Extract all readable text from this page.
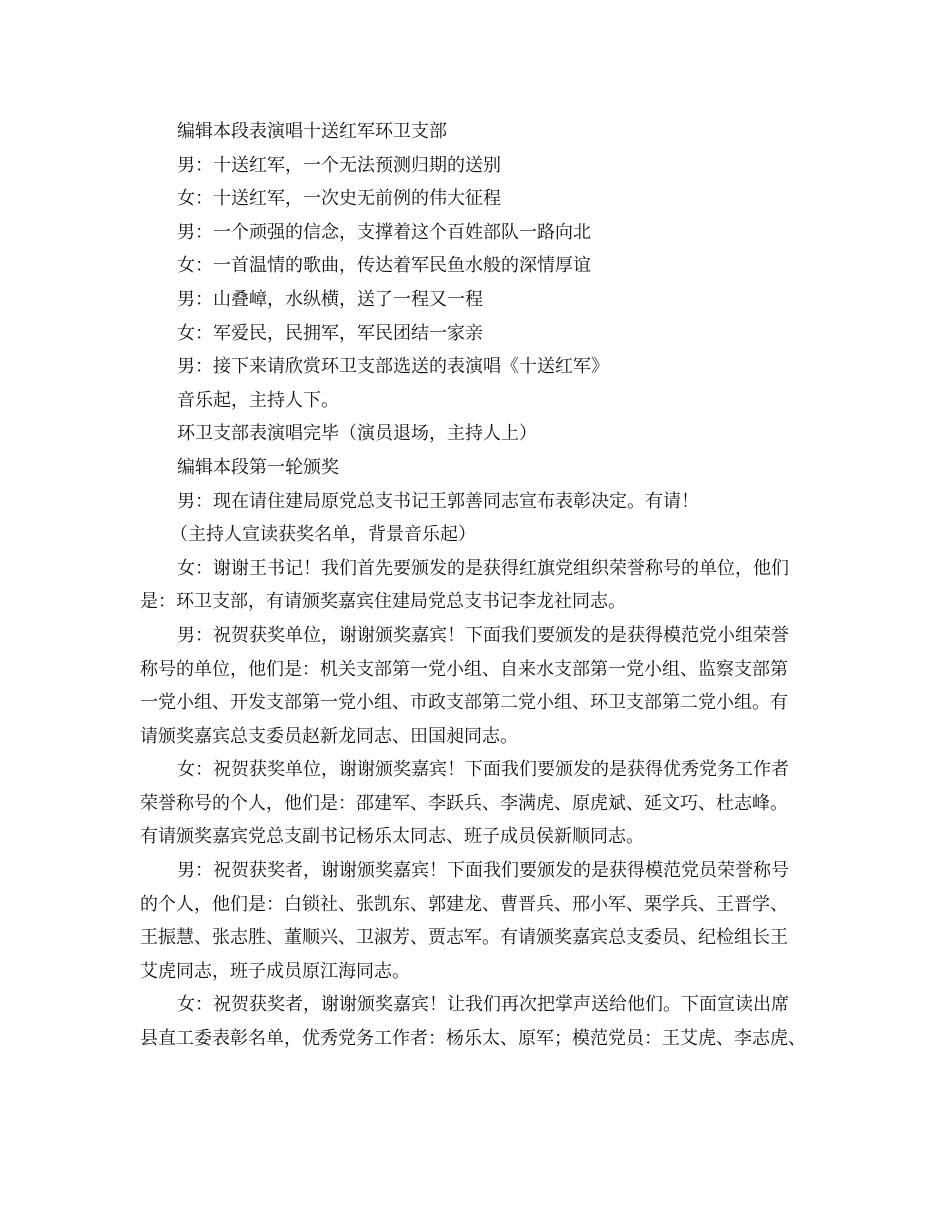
编辑本段表演唱十送红军环卫支部

男：十送红军，一个无法预测归期的送别

女：十送红军，一次史无前例的伟大征程

男：一个顽强的信念，支撑着这个百姓部队一路向北

女：一首温情的歌曲，传达着军民鱼水般的深情厚谊

男：山叠嶂，水纵横，送了一程又一程

女：军爱民，民拥军，军民团结一家亲

男：接下来请欣赏环卫支部选送的表演唱《十送红军》

音乐起，主持人下。

环卫支部表演唱完毕（演员退场，主持人上）

编辑本段第一轮颁奖

男：现在请住建局原党总支书记王郭善同志宣布表彰决定。有请！

（主持人宣读获奖名单，背景音乐起）

女：谢谢王书记！我们首先要颁发的是获得红旗党组织荣誉称号的单位，他们

是：环卫支部，有请颁奖嘉宾住建局党总支书记李龙社同志。

男：祝贺获奖单位，谢谢颁奖嘉宾！下面我们要颁发的是获得模范党小组荣誉

称号的单位，他们是：机关支部第一党小组、自来水支部第一党小组、监察支部第

一党小组、开发支部第一党小组、市政支部第二党小组、环卫支部第二党小组。有

请颁奖嘉宾总支委员赵新龙同志、田国昶同志。

女：祝贺获奖单位，谢谢颁奖嘉宾！下面我们要颁发的是获得优秀党务工作者

荣誉称号的个人，他们是：邵建军、李跃兵、李满虎、原虎斌、延文巧、杜志峰。

有请颁奖嘉宾党总支副书记杨乐太同志、班子成员侯新顺同志。

男：祝贺获奖者，谢谢颁奖嘉宾！下面我们要颁发的是获得模范党员荣誉称号

的个人，他们是：白锁社、张凯东、郭建龙、曹晋兵、邢小军、栗学兵、王晋学、

王振慧、张志胜、董顺兴、卫淑芳、贾志军。有请颁奖嘉宾总支委员、纪检组长王

艾虎同志，班子成员原江海同志。

女：祝贺获奖者，谢谢颁奖嘉宾！让我们再次把掌声送给他们。下面宣读出席

县直工委表彰名单，优秀党务工作者：杨乐太、原军；模范党员：王艾虎、李志虎、
